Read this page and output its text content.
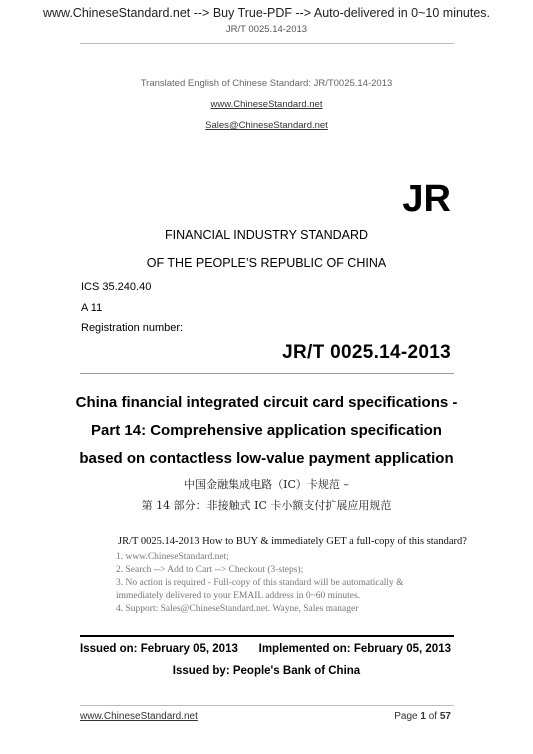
www.ChineseStandard.net --> Buy True-PDF --> Auto-delivered in 0~10 minutes.
JR/T 0025.14-2013
Translated English of Chinese Standard: JR/T0025.14-2013
www.ChineseStandard.net
Sales@ChineseStandard.net
JR
FINANCIAL INDUSTRY STANDARD
OF THE PEOPLE’S REPUBLIC OF CHINA
ICS 35.240.40
A 11
Registration number:
JR/T 0025.14-2013
China financial integrated circuit card specifications -
Part 14: Comprehensive application specification
based on contactless low-value payment application
中国金融集成电路（IC）卡规范 –
第 14 部分：非接触式 IC 卡小额支付扩展应用规范
JR/T 0025.14-2013 How to BUY & immediately GET a full-copy of this standard?
1. www.ChineseStandard.net;
2. Search --> Add to Cart --> Checkout (3-steps);
3. No action is required - Full-copy of this standard will be automatically &
immediately delivered to your EMAIL address in 0~60 minutes.
4. Support: Sales@ChineseStandard.net. Wayne, Sales manager
Issued on: February 05, 2013 Implemented on: February 05, 2013
Issued by: People's Bank of China
www.ChineseStandard.net	Page 1 of 57
